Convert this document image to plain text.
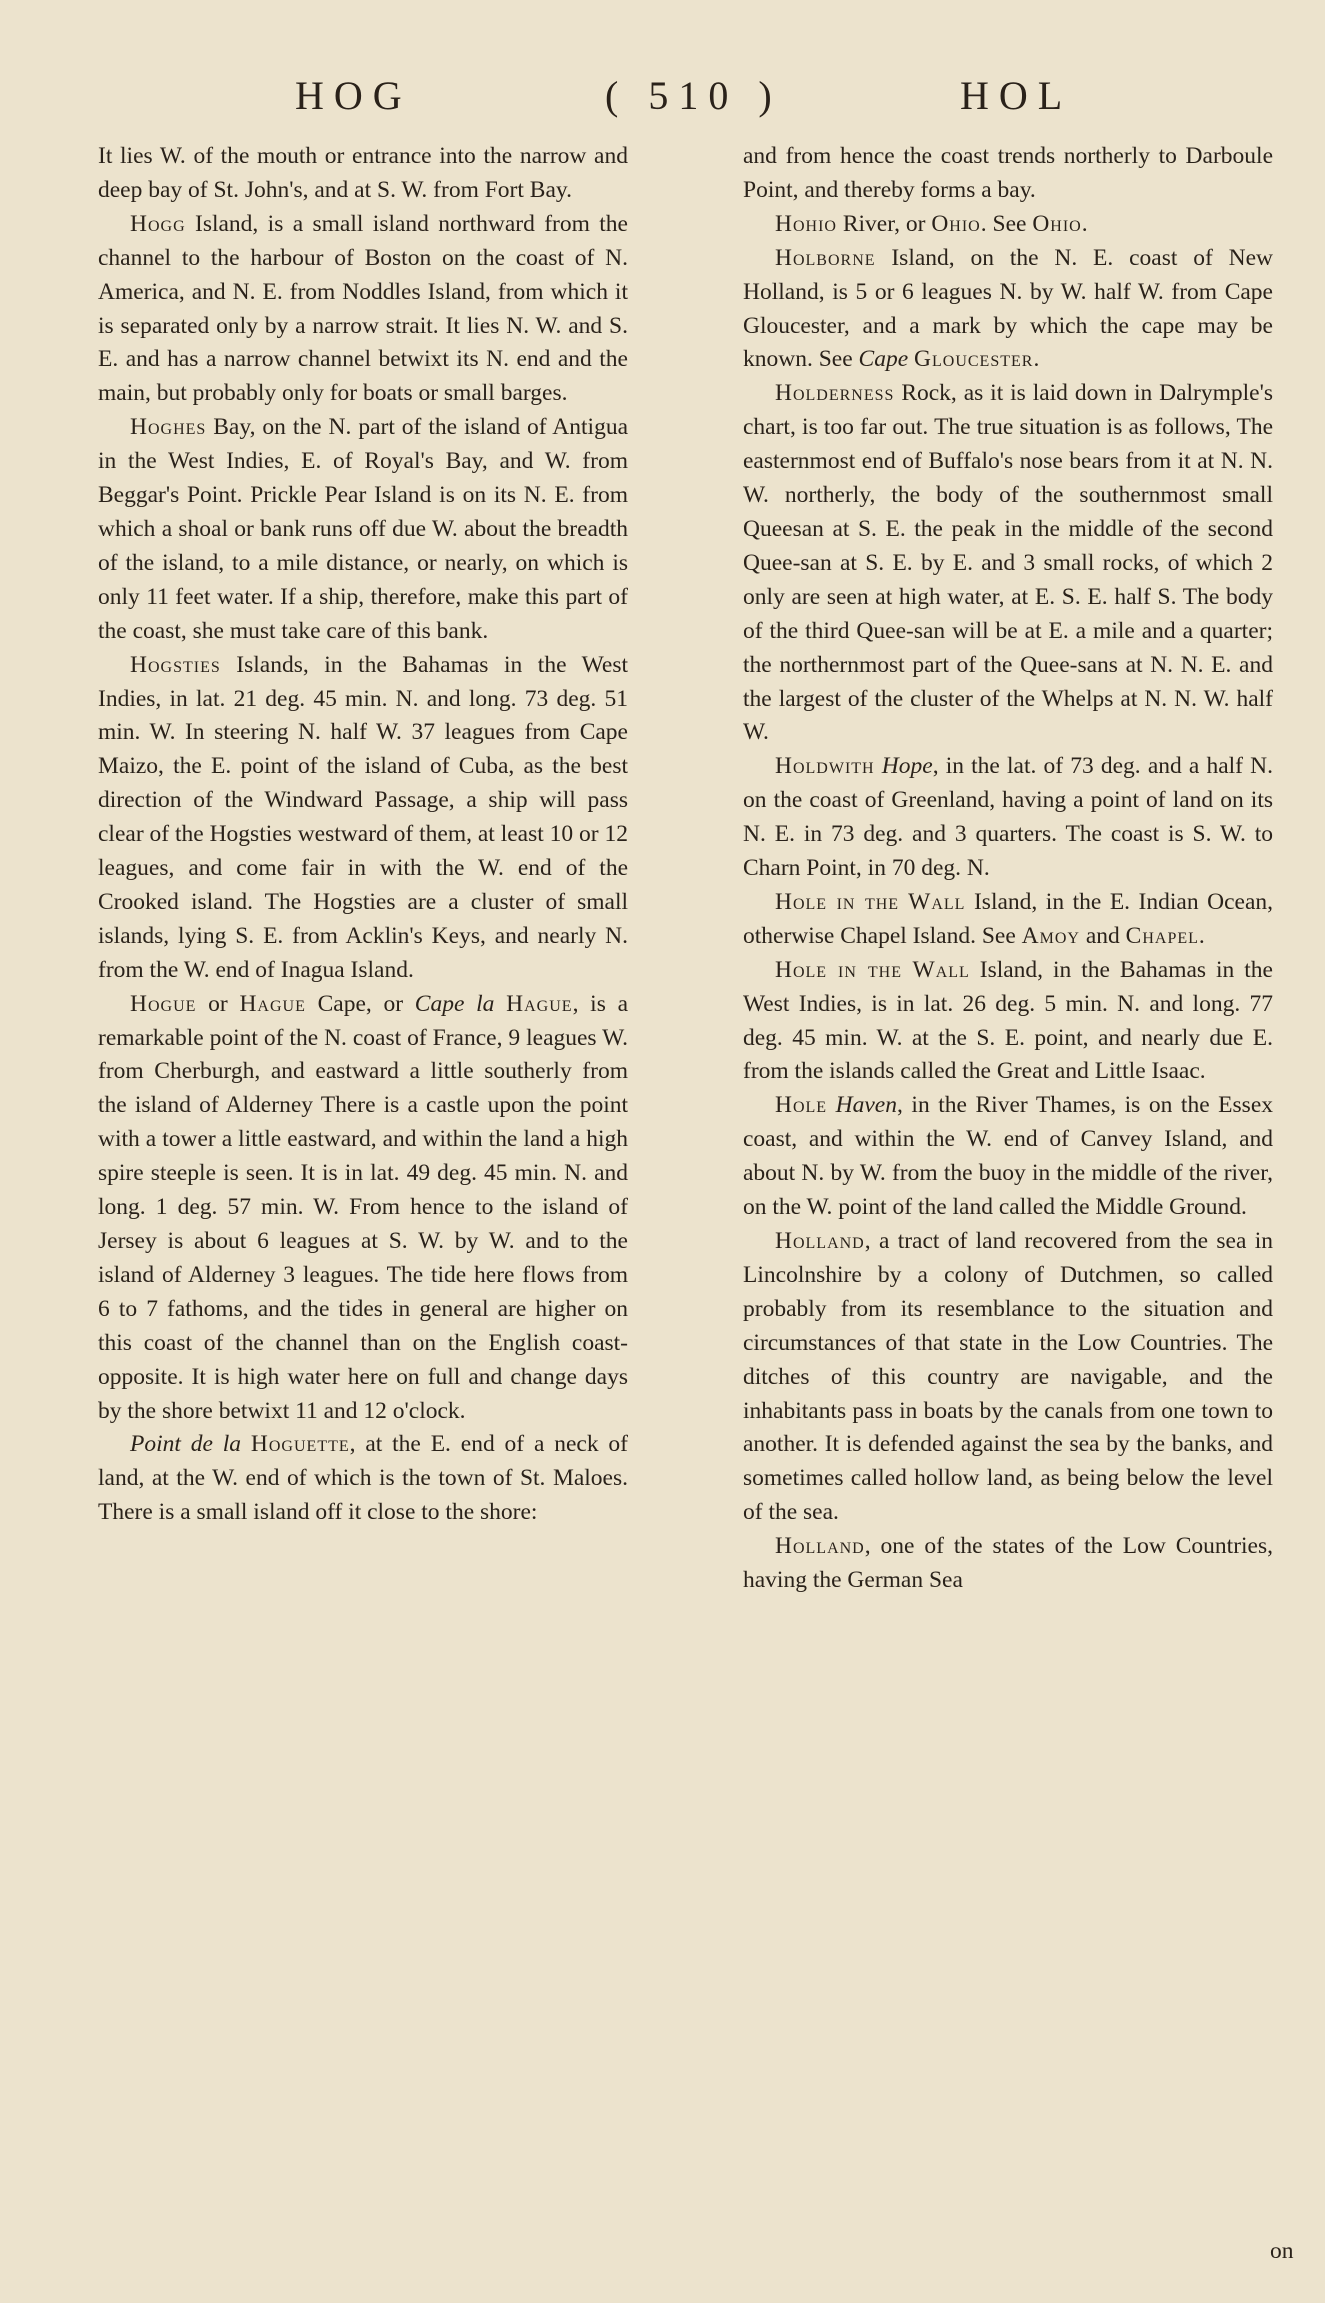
HOG	( 510 )	HOL

It lies W. of the mouth or entrance into the narrow and deep bay of St. John's, and at S. W. from Fort Bay.

Hogg Island, is a small island northward from the channel to the harbour of Boston on the coast of N. America, and N. E. from Noddles Island, from which it is separated only by a narrow strait. It lies N. W. and S. E. and has a narrow channel betwixt its N. end and the main, but probably only for boats or small barges.

Hoghes Bay, on the N. part of the island of Antigua in the West Indies, E. of Royal's Bay, and W. from Beggar's Point. Prickle Pear Island is on its N. E. from which a shoal or bank runs off due W. about the breadth of the island, to a mile distance, or nearly, on which is only 11 feet water. If a ship, therefore, make this part of the coast, she must take care of this bank.

Hogsties Islands, in the Bahamas in the West Indies, in lat. 21 deg. 45 min. N. and long. 73 deg. 51 min. W. In steering N. half W. 37 leagues from Cape Maizo, the E. point of the island of Cuba, as the best direction of the Windward Passage, a ship will pass clear of the Hogsties westward of them, at least 10 or 12 leagues, and come fair in with the W. end of the Crooked island. The Hogsties are a cluster of small islands, lying S. E. from Acklin's Keys, and nearly N. from the W. end of Inagua Island.

Hogue or Hague Cape, or Cape la Hague, is a remarkable point of the N. coast of France, 9 leagues W. from Cherburgh, and eastward a little southerly from the island of Alderney There is a castle upon the point with a tower a little eastward, and within the land a high spire steeple is seen. It is in lat. 49 deg. 45 min. N. and long. 1 deg. 57 min. W. From hence to the island of Jersey is about 6 leagues at S. W. by W. and to the island of Alderney 3 leagues. The tide here flows from 6 to 7 fathoms, and the tides in general are higher on this coast of the channel than on the English coast-opposite. It is high water here on full and change days by the shore betwixt 11 and 12 o'clock.

Point de la Hoguette, at the E. end of a neck of land, at the W. end of which is the town of St. Maloes. There is a small island off it close to the shore:

and from hence the coast trends northerly to Darboule Point, and thereby forms a bay.

Hohio River, or Ohio. See Ohio.

Holborne Island, on the N. E. coast of New Holland, is 5 or 6 leagues N. by W. half W. from Cape Gloucester, and a mark by which the cape may be known. See Cape Gloucester.

Holderness Rock, as it is laid down in Dalrymple's chart, is too far out. The true situation is as follows, The easternmost end of Buffalo's nose bears from it at N. N. W. northerly, the body of the southernmost small Queesan at S. E. the peak in the middle of the second Quee-san at S. E. by E. and 3 small rocks, of which 2 only are seen at high water, at E. S. E. half S. The body of the third Quee-san will be at E. a mile and a quarter; the northernmost part of the Quee-sans at N. N. E. and the largest of the cluster of the Whelps at N. N. W. half W.

Holdwith Hope, in the lat. of 73 deg. and a half N. on the coast of Greenland, having a point of land on its N. E. in 73 deg. and 3 quarters. The coast is S. W. to Charn Point, in 70 deg. N.

Hole in the Wall Island, in the E. Indian Ocean, otherwise Chapel Island. See Amoy and Chapel.

Hole in the Wall Island, in the Bahamas in the West Indies, is in lat. 26 deg. 5 min. N. and long. 77 deg. 45 min. W. at the S. E. point, and nearly due E. from the islands called the Great and Little Isaac.

Hole Haven, in the River Thames, is on the Essex coast, and within the W. end of Canvey Island, and about N. by W. from the buoy in the middle of the river, on the W. point of the land called the Middle Ground.

Holland, a tract of land recovered from the sea in Lincolnshire by a colony of Dutchmen, so called probably from its resemblance to the situation and circumstances of that state in the Low Countries. The ditches of this country are navigable, and the inhabitants pass in boats by the canals from one town to another. It is defended against the sea by the banks, and sometimes called hollow land, as being below the level of the sea.

Holland, one of the states of the Low Countries, having the German Sea

on
